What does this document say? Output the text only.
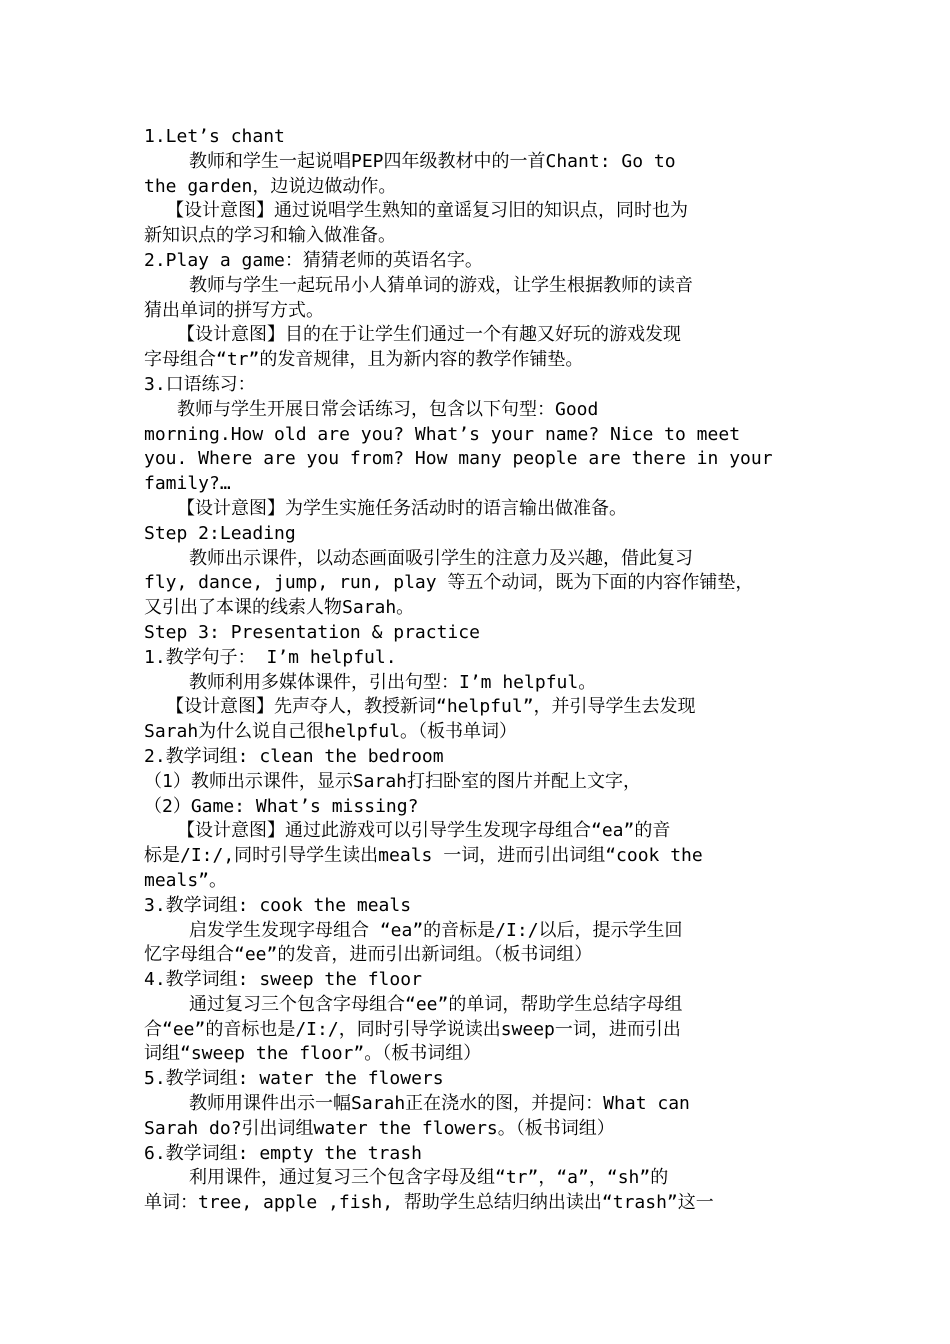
1.Let’s chant
教师和学生一起说唱PEP四年级教材中的一首Chant: Go to
the garden，边说边做动作。
【设计意图】通过说唱学生熟知的童谣复习旧的知识点，同时也为
新知识点的学习和输入做准备。
2.Play a game：猜猜老师的英语名字。
教师与学生一起玩吊小人猜单词的游戏，让学生根据教师的读音
猜出单词的拼写方式。
【设计意图】目的在于让学生们通过一个有趣又好玩的游戏发现
字母组合“tr”的发音规律，且为新内容的教学作铺垫。
3.口语练习：
教师与学生开展日常会话练习，包含以下句型：Good
morning.How old are you? What’s your name? Nice to meet
you. Where are you from? How many people are there in your
family?…
【设计意图】为学生实施任务活动时的语言输出做准备。
Step 2:Leading
教师出示课件，以动态画面吸引学生的注意力及兴趣，借此复习
fly, dance, jump, run, play 等五个动词，既为下面的内容作铺垫，
又引出了本课的线索人物Sarah。
Step 3: Presentation & practice
1.教学句子： I’m helpful.
教师利用多媒体课件，引出句型：I’m helpful。
【设计意图】先声夺人，教授新词“helpful”，并引导学生去发现
Sarah为什么说自己很helpful。（板书单词）
2.教学词组: clean the bedroom
（1）教师出示课件，显示Sarah打扫卧室的图片并配上文字，
（2）Game: What’s missing?
【设计意图】通过此游戏可以引导学生发现字母组合“ea”的音
标是/I:/,同时引导学生读出meals 一词，进而引出词组“cook the
meals”。
3.教学词组: cook the meals
启发学生发现字母组合 “ea”的音标是/I:/以后，提示学生回
忆字母组合“ee”的发音，进而引出新词组。（板书词组）
4.教学词组: sweep the floor
通过复习三个包含字母组合“ee”的单词，帮助学生总结字母组
合“ee”的音标也是/I:/，同时引导学说读出sweep一词，进而引出
词组“sweep the floor”。（板书词组）
5.教学词组: water the flowers
教师用课件出示一幅Sarah正在浇水的图，并提问：What can
Sarah do?引出词组water the flowers。（板书词组）
6.教学词组: empty the trash
利用课件，通过复习三个包含字母及组“tr”，“a”，“sh”的
单词：tree, apple ,fish, 帮助学生总结归纳出读出“trash”这一
